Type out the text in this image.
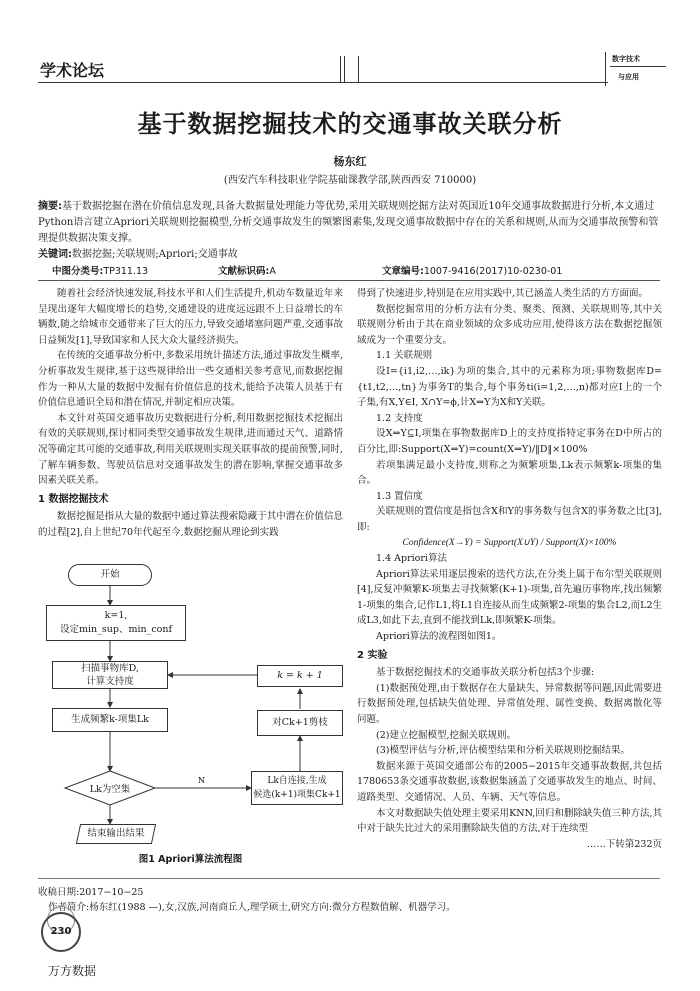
学术论坛
数字技术
与应用
基于数据挖掘技术的交通事故关联分析
杨东红
(西安汽车科技职业学院基础课教学部,陕西西安 710000)
摘要:基于数据挖掘在潜在价值信息发现,具备大数据量处理能力等优势,采用关联规则挖掘方法对英国近10年交通事故数据进行分析,本文通过Python语言建立Apriori关联规则挖掘模型,分析交通事故发生的频繁图素集,发现交通事故数据中存在的关系和规则,从而为交通事故预警和管理提供数据决策支撑。
关键词:数据挖掘;关联规则;Apriori;交通事故
中图分类号:TP311.13	文献标识码:A	文章编号:1007-9416(2017)10-0230-01

随着社会经济快速发展,科技水平和人们生活提升,机动车数量近年来呈现出逐年大幅度增长的趋势,交通建设的进度远远跟不上日益增长的车辆数,随之给城市交通带来了巨大的压力,导致交通堵塞问题严重,交通事故日益频发[1],导致国家和人民大众大量经济损失。

在传统的交通事故分析中,多数采用统计描述方法,通过事故发生概率,分析事故发生规律,基于这些规律给出一些交通相关参考意见,而数据挖掘作为一种从大量的数据中发掘有价值信息的技术,能给予决策人员基于有价值信息通识全局和潜在情况,并制定相应决策。

本文针对英国交通事故历史数据进行分析,利用数据挖掘技术挖掘出有效的关联规则,探讨相同类型交通事故发生规律,进而通过天气、道路情况等确定其可能的交通事故,利用关联规则实现关联事故的提前预警,同时,了解车辆参数、驾驶员信息对交通事故发生的潜在影响,掌握交通事故多因素关联关系。

1 数据挖掘技术

数据挖掘是指从大量的数据中通过算法搜索隐藏于其中潜在价值信息的过程[2],自上世纪70年代起至今,数据挖掘从理论到实践

N
开始
k=1,
设定min_sup、min_conf
扫描事物库D,
计算支持度
k = k + 1
生成频繁k-项集Lk	对Ck+1剪枝
Lk为空集
Lk自连接,生成
候选(k+1)项集Ck+1
结束输出结果
图1 Apriori算法流程图

得到了快速进步,特别是在应用实践中,其已涵盖人类生活的方方面面。

数据挖掘常用的分析方法有分类、聚类、预测、关联规则等,其中关联规则分析由于其在商业领域的众多成功应用,使得该方法在数据挖掘领域成为一个重要分支。

1.1 关联规则

设I={i1,i2,…,ik}为项的集合,其中的元素称为项;事物数据库D={t1,t2,…,tn}为事务T的集合,每个事务ti(i=1,2,…,n)都对应I上的一个子集,有X,Y∈I, X∩Y=ϕ,计X⇒Y为X和Y关联。

1.2 支持度

设X⇒Y⊆I,项集在事物数据库D上的支持度指特定事务在D中所占的百分比,即:Support(X⇒Y)=count(X⇒Y)/‖D‖×100%

若项集满足最小支持度,则称之为频繁项集,Lk表示频繁k-项集的集合。

1.3 置信度

关联规则的置信度是指包含X和Y的事务数与包含X的事务数之比[3],即:

Confidence(X→Y) = Support(X∪Y) / Support(X)×100%
1.4 Apriori算法

Apriori算法采用逐层搜索的迭代方法,在分类上属于布尔型关联规则[4],反复冲频繁K-项集去寻找频繁(K+1)-项集,首先遍历事物库,找出频繁1-项集的集合,记作L1,将L1自连接从而生成频繁2-项集的集合L2,而L2生成L3,如此下去,直到不能找到Lk,即频繁K-项集。

Apriori算法的流程图如图1。

2 实验

基于数据挖掘技术的交通事故关联分析包括3个步骤:

(1)数据预处理,由于数据存在大量缺失、异常数据等问题,因此需要进行数据预处理,包括缺失值处理、异常值处理、属性变换、数据离散化等问题。

(2)建立挖掘模型,挖掘关联规则。

(3)模型评估与分析,评估模型结果和分析关联规则挖掘结果。

数据来源于英国交通部公布的2005−2015年交通事故数据,共包括1780653条交通事故数据,该数据集涵盖了交通事故发生的地点、时间、道路类型、交通情况、人员、车辆、天气等信息。

本文对数据缺失值处理主要采用KNN,回归和删除缺失值三种方法,其中对于缺失比过大的采用删除缺失值的方法,对于连续型

……下转第232页
收稿日期:2017−10−25
作者简介:杨东红(1988 —),女,汉族,河南商丘人,理学硕士,研究方向:微分方程数值解、机器学习。
230
万方数据
